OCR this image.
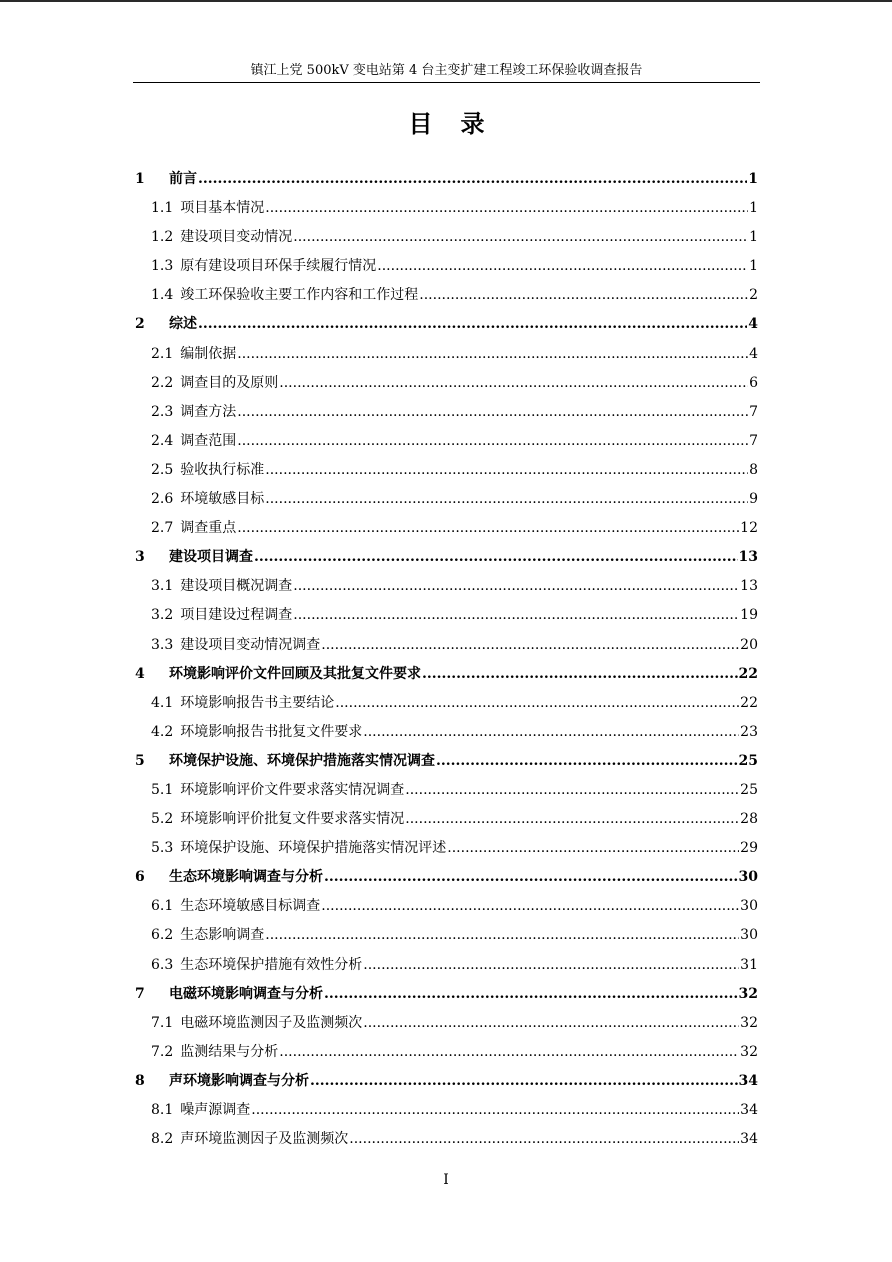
镇江上党 500kV 变电站第 4 台主变扩建工程竣工环保验收调查报告
目录
1	前言 .....	1
1.1 项目基本情况 .....	1
1.2 建设项目变动情况 .....	1
1.3 原有建设项目环保手续履行情况 .....	1
1.4 竣工环保验收主要工作内容和工作过程 .....	2
2	综述 .....	4
2.1 编制依据 .....	4
2.2 调查目的及原则 .....	6
2.3 调查方法 .....	7
2.4 调查范围 .....	7
2.5 验收执行标准 .....	8
2.6 环境敏感目标 .....	9
2.7 调查重点 .....	12
3	建设项目调查 .....	13
3.1 建设项目概况调查 .....	13
3.2 项目建设过程调查 .....	19
3.3 建设项目变动情况调查 .....	20
4	环境影响评价文件回顾及其批复文件要求 .....	22
4.1 环境影响报告书主要结论 .....	22
4.2 环境影响报告书批复文件要求 .....	23
5	环境保护设施、环境保护措施落实情况调查 .....	25
5.1 环境影响评价文件要求落实情况调查 .....	25
5.2 环境影响评价批复文件要求落实情况 .....	28
5.3 环境保护设施、环境保护措施落实情况评述 .....	29
6	生态环境影响调查与分析 .....	30
6.1 生态环境敏感目标调查 .....	30
6.2 生态影响调查 .....	30
6.3 生态环境保护措施有效性分析 .....	31
7	电磁环境影响调查与分析 .....	32
7.1 电磁环境监测因子及监测频次 .....	32
7.2 监测结果与分析 .....	32
8	声环境影响调查与分析 .....	34
8.1 噪声源调查 .....	34
8.2 声环境监测因子及监测频次 .....	34
I
